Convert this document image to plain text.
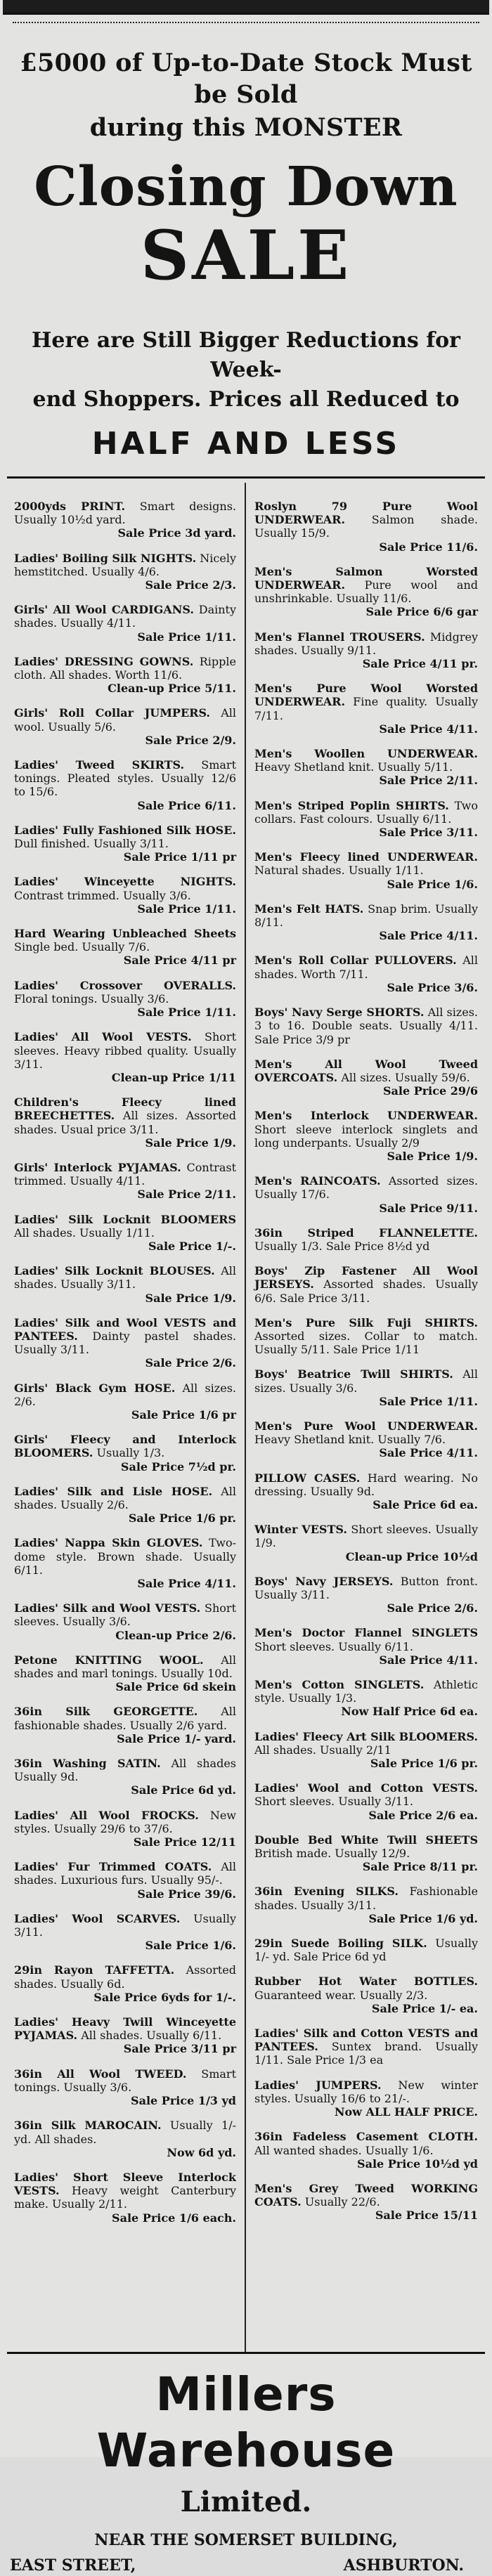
£5000 of Up-to-Date Stock Must be Sold
during this MONSTER
Closing Down
SALE
Here are Still Bigger Reductions for Week-
end Shoppers. Prices all Reduced to
HALF AND LESS

2000yds PRINT. Smart designs. Usually 10½d yard.
Sale Price 3d yard.

Ladies' Boiling Silk NIGHTS. Nicely hemstitched. Usually 4/6.
Sale Price 2/3.

Girls' All Wool CARDIGANS. Dainty shades. Usually 4/11.
Sale Price 1/11.

Ladies' DRESSING GOWNS. Ripple cloth. All shades. Worth 11/6.
Clean-up Price 5/11.

Girls' Roll Collar JUMPERS. All wool. Usually 5/6.
Sale Price 2/9.

Ladies' Tweed SKIRTS. Smart tonings. Pleated styles. Usually 12/6 to 15/6.
Sale Price 6/11.

Ladies' Fully Fashioned Silk HOSE. Dull finished. Usually 3/11.
Sale Price 1/11 pr

Ladies' Winceyette NIGHTS. Contrast trimmed. Usually 3/6.
Sale Price 1/11.

Hard Wearing Unbleached Sheets Single bed. Usually 7/6.
Sale Price 4/11 pr

Ladies' Crossover OVERALLS. Floral tonings. Usually 3/6.
Sale Price 1/11.

Ladies' All Wool VESTS. Short sleeves. Heavy ribbed quality. Usually 3/11.
Clean-up Price 1/11

Children's Fleecy lined BREECHETTES. All sizes. Assorted shades. Usual price 3/11.
Sale Price 1/9.

Girls' Interlock PYJAMAS. Contrast trimmed. Usually 4/11.
Sale Price 2/11.

Ladies' Silk Locknit BLOOMERS All shades. Usually 1/11.
Sale Price 1/-.

Ladies' Silk Locknit BLOUSES. All shades. Usually 3/11.
Sale Price 1/9.

Ladies' Silk and Wool VESTS and PANTEES. Dainty pastel shades. Usually 3/11.
Sale Price 2/6.

Girls' Black Gym HOSE. All sizes. 2/6.
Sale Price 1/6 pr

Girls' Fleecy and Interlock BLOOMERS. Usually 1/3.
Sale Price 7½d pr.

Ladies' Silk and Lisle HOSE. All shades. Usually 2/6.
Sale Price 1/6 pr.

Ladies' Nappa Skin GLOVES. Two-dome style. Brown shade. Usually 6/11.
Sale Price 4/11.

Ladies' Silk and Wool VESTS. Short sleeves. Usually 3/6.
Clean-up Price 2/6.

Petone KNITTING WOOL. All shades and marl tonings. Usually 10d.
Sale Price 6d skein

36in Silk GEORGETTE. All fashionable shades. Usually 2/6 yard.
Sale Price 1/- yard.

36in Washing SATIN. All shades Usually 9d.
Sale Price 6d yd.

Ladies' All Wool FROCKS. New styles. Usually 29/6 to 37/6.
Sale Price 12/11

Ladies' Fur Trimmed COATS. All shades. Luxurious furs. Usually 95/-.
Sale Price 39/6.

Ladies' Wool SCARVES. Usually 3/11.
Sale Price 1/6.

29in Rayon TAFFETTA. Assorted shades. Usually 6d.
Sale Price 6yds for 1/-.

Ladies' Heavy Twill Winceyette PYJAMAS. All shades. Usually 6/11.
Sale Price 3/11 pr

36in All Wool TWEED. Smart tonings. Usually 3/6.
Sale Price 1/3 yd

36in Silk MAROCAIN. Usually 1/- yd. All shades.
Now 6d yd.

Ladies' Short Sleeve Interlock VESTS. Heavy weight Canterbury make. Usually 2/11.
Sale Price 1/6 each.

Roslyn 79 Pure Wool UNDERWEAR. Salmon shade. Usually 15/9.
Sale Price 11/6.

Men's Salmon Worsted UNDERWEAR. Pure wool and unshrinkable. Usually 11/6.
Sale Price 6/6 gar

Men's Flannel TROUSERS. Midgrey shades. Usually 9/11.
Sale Price 4/11 pr.

Men's Pure Wool Worsted UNDERWEAR. Fine quality. Usually 7/11.
Sale Price 4/11.

Men's Woollen UNDERWEAR. Heavy Shetland knit. Usually 5/11.
Sale Price 2/11.

Men's Striped Poplin SHIRTS. Two collars. Fast colours. Usually 6/11.
Sale Price 3/11.

Men's Fleecy lined UNDERWEAR. Natural shades. Usually 1/11.
Sale Price 1/6.

Men's Felt HATS. Snap brim. Usually 8/11.
Sale Price 4/11.

Men's Roll Collar PULLOVERS. All shades. Worth 7/11.
Sale Price 3/6.

Boys' Navy Serge SHORTS. All sizes. 3 to 16. Double seats. Usually 4/11. Sale Price 3/9 pr

Men's All Wool Tweed OVERCOATS. All sizes. Usually 59/6.
Sale Price 29/6

Men's Interlock UNDERWEAR. Short sleeve interlock singlets and long underpants. Usually 2/9
Sale Price 1/9.

Men's RAINCOATS. Assorted sizes. Usually 17/6.
Sale Price 9/11.

36in Striped FLANNELETTE. Usually 1/3. Sale Price 8½d yd

Boys' Zip Fastener All Wool JERSEYS. Assorted shades. Usually 6/6. Sale Price 3/11.

Men's Pure Silk Fuji SHIRTS. Assorted sizes. Collar to match. Usually 5/11. Sale Price 1/11

Boys' Beatrice Twill SHIRTS. All sizes. Usually 3/6.
Sale Price 1/11.

Men's Pure Wool UNDERWEAR. Heavy Shetland knit. Usually 7/6.
Sale Price 4/11.

PILLOW CASES. Hard wearing. No dressing. Usually 9d.
Sale Price 6d ea.

Winter VESTS. Short sleeves. Usually 1/9.
Clean-up Price 10½d

Boys' Navy JERSEYS. Button front. Usually 3/11.
Sale Price 2/6.

Men's Doctor Flannel SINGLETS Short sleeves. Usually 6/11.
Sale Price 4/11.

Men's Cotton SINGLETS. Athletic style. Usually 1/3.
Now Half Price 6d ea.

Ladies' Fleecy Art Silk BLOOMERS. All shades. Usually 2/11
Sale Price 1/6 pr.

Ladies' Wool and Cotton VESTS. Short sleeves. Usually 3/11.
Sale Price 2/6 ea.

Double Bed White Twill SHEETS British made. Usually 12/9.
Sale Price 8/11 pr.

36in Evening SILKS. Fashionable shades. Usually 3/11.
Sale Price 1/6 yd.

29in Suede Boiling SILK. Usually 1/- yd. Sale Price 6d yd

Rubber Hot Water BOTTLES. Guaranteed wear. Usually 2/3.
Sale Price 1/- ea.

Ladies' Silk and Cotton VESTS and PANTEES. Suntex brand. Usually 1/11. Sale Price 1/3 ea

Ladies' JUMPERS. New winter styles. Usually 16/6 to 21/-.
Now ALL HALF PRICE.

36in Fadeless Casement CLOTH. All wanted shades. Usually 1/6.
Sale Price 10½d yd

Men's Grey Tweed WORKING COATS. Usually 22/6.
Sale Price 15/11

Millers Warehouse
Limited.
NEAR THE SOMERSET BUILDING,
EAST STREET,	ASHBURTON.
